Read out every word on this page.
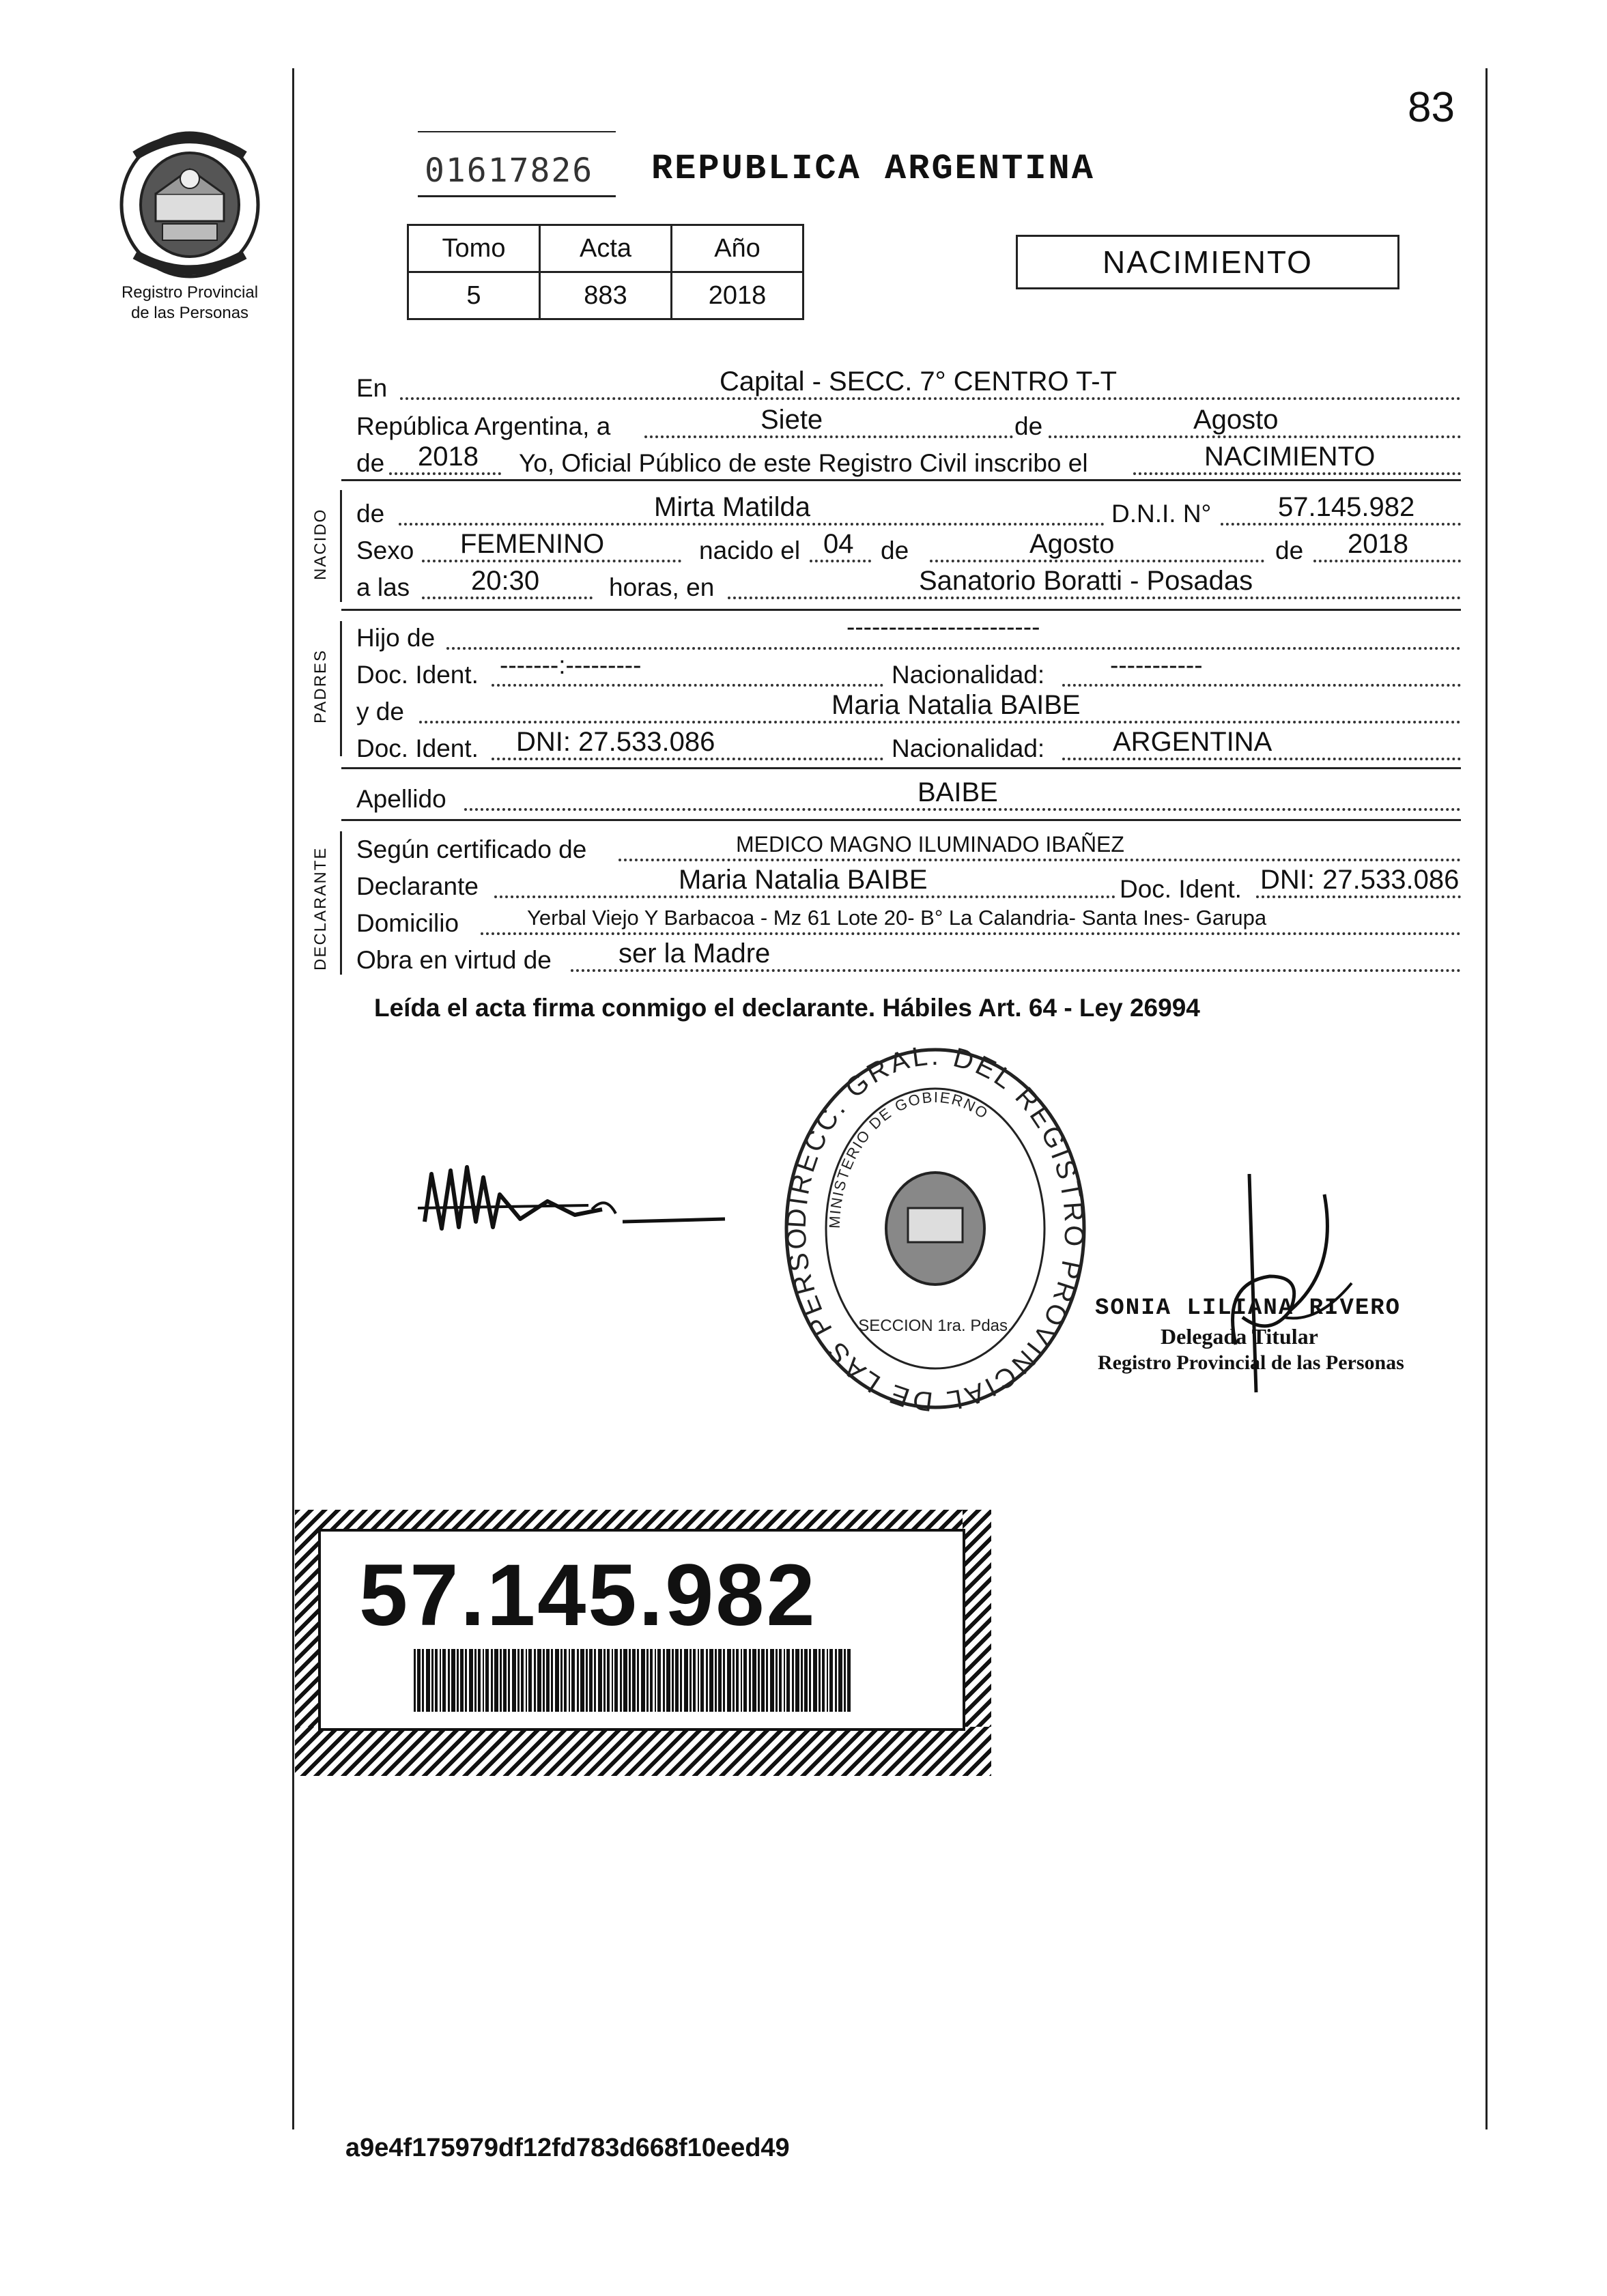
Registro Provincial
de las Personas
83
01617826 REPUBLICA ARGENTINA
Tomo	Acta	Año
5	883	2018
NACIMIENTO
En	Capital - SECC. 7° CENTRO T-T
República Argentina, a	Siete	de	Agosto
de 2018 Yo, Oficial Público de este Registro Civil inscribo el	NACIMIENTO
NACIDO de	Mirta Matilda	D.N.I. N° 57.145.982
Sexo FEMENINO	nacido el 04 de	Agosto	de 2018
a las 20:30	horas, en	Sanatorio Boratti - Posadas
PADRES
Hijo de	-----------------------
Doc. Ident. -------:---------	Nacionalidad:	-----------
y de	Maria Natalia BAIBE
Doc. Ident. DNI: 27.533.086	Nacionalidad: ARGENTINA
Apellido	BAIBE
DECLARANTE Según certificado de	MEDICO MAGNO ILUMINADO IBAÑEZ
Declarante	Maria Natalia BAIBE	Doc. Ident. DNI: 27.533.086
Domicilio	Yerbal Viejo Y Barbacoa - Mz 61 Lote 20- B° La Calandria- Santa Ines- Garupa
Obra en virtud de ser la Madre
Leída el acta firma conmigo el declarante. Hábiles Art. 64 - Ley 26994
DIRECC. GRAL. DEL REGISTRO PROVINCIAL DE LAS PERSO
MINISTERIO DE GOBIERNO
SECCION 1ra. Pdas.
SONIA LILIANA RIVERO
Delegada Titular
Registro Provincial de las Personas
57.145.982
a9e4f175979df12fd783d668f10eed49
